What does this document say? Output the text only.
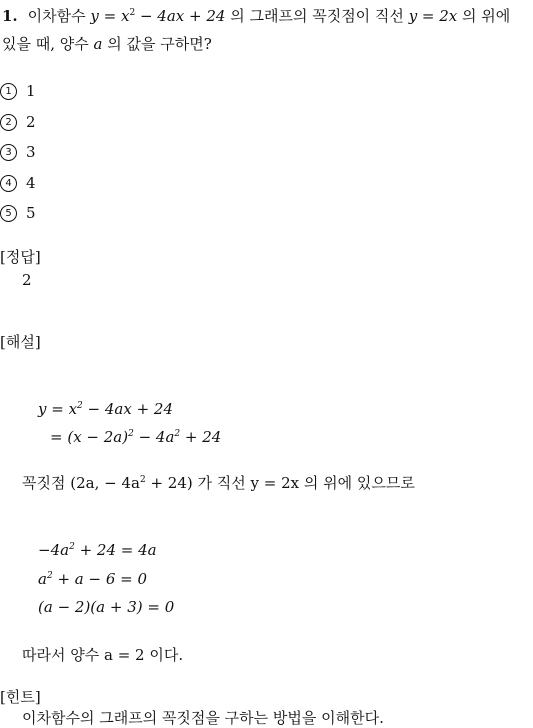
1. 이차함수 $y = x^2 - 4ax + 24$ 의 그래프의 꼭짓점이 직선 y = 2x 의 위에
있을 때, 양수 a 의 값을 구하면?
1 1
2 2
3 3
4 4
5 5
[정답]
2
[해설]
$y = x^2 - 4ax + 24$
= $(x - 2a)^2 - 4a^2 + 24$
꼭짓점 (2a, − $4a^2 + 24$) 가 직선 y = 2x 의 위에 있으므로
$-4a^2 + 24 = 4a$
$a^2 + a - 6 = 0$
(a − 2)(a + 3) = 0
따라서 양수 a = 2 이다.
[힌트]
이차함수의 그래프의 꼭짓점을 구하는 방법을 이해한다.
